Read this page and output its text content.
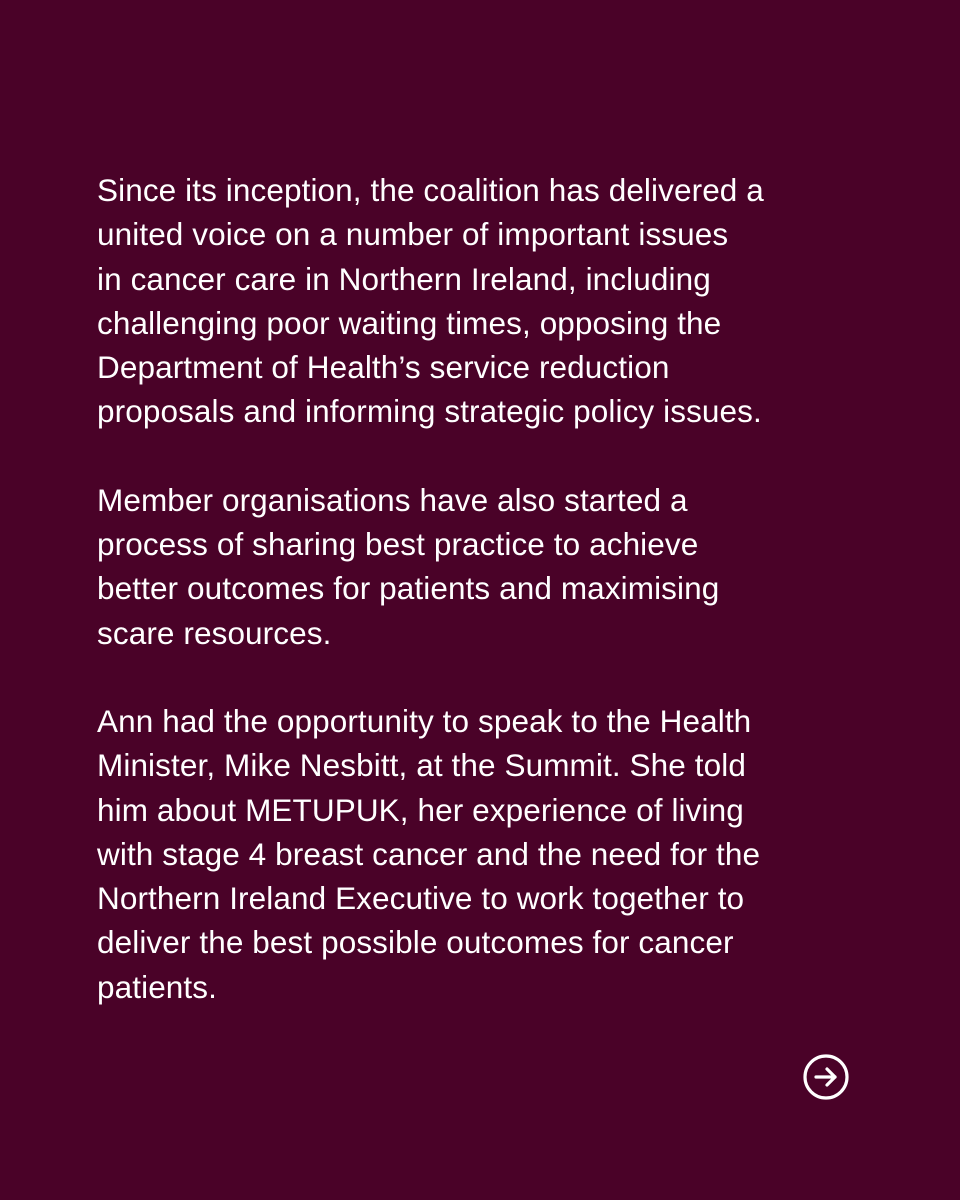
Since its inception, the coalition has delivered a
united voice on a number of important issues
in cancer care in Northern Ireland, including
challenging poor waiting times, opposing the
Department of Health’s service reduction
proposals and informing strategic policy issues.

Member organisations have also started a
process of sharing best practice to achieve
better outcomes for patients and maximising
scare resources.

Ann had the opportunity to speak to the Health
Minister, Mike Nesbitt, at the Summit. She told
him about METUPUK, her experience of living
with stage 4 breast cancer and the need for the
Northern Ireland Executive to work together to
deliver the best possible outcomes for cancer
patients.
